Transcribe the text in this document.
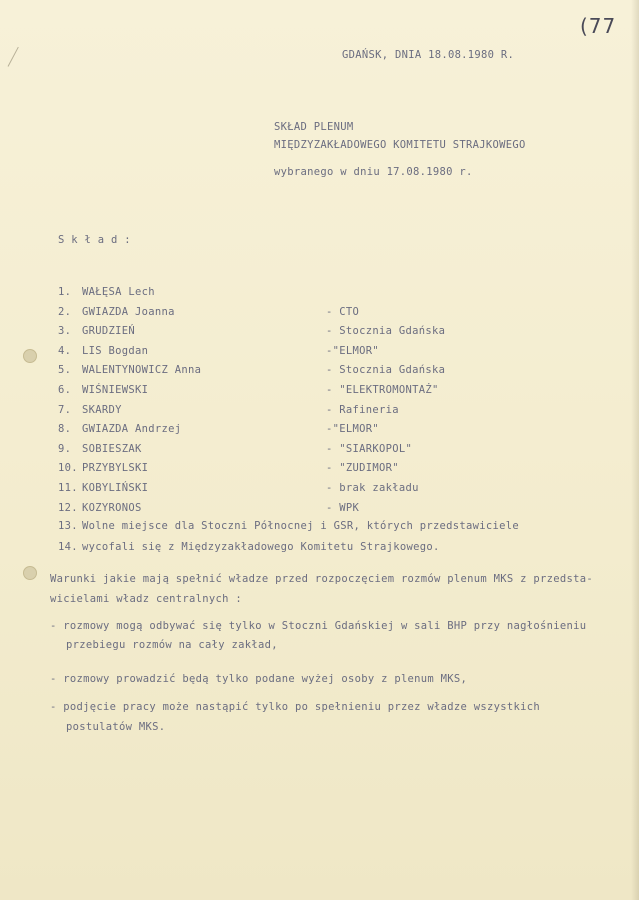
(77
GDAŃSK, DNIA 18.08.1980 R.
SKŁAD PLENUM
MIĘDZYZAKŁADOWEGO KOMITETU STRAJKOWEGO
wybranego w dniu 17.08.1980 r.
S k ł a d :
1. WAŁĘSA Lech
2. GWIAZDA Joanna	- CTO
3. GRUDZIEŃ	- Stocznia Gdańska
4. LIS Bogdan	-"ELMOR"
5. WALENTYNOWICZ Anna	- Stocznia Gdańska
6. WIŚNIEWSKI	- "ELEKTROMONTAŻ"
7. SKARDY	- Rafineria
8. GWIAZDA Andrzej	-"ELMOR"
9. SOBIESZAK	- "SIARKOPOL"
10. PRZYBYLSKI	- "ZUDIMOR"
11. KOBYLIŃSKI	- brak zakładu
12. KOZYRONOS	- WPK
13. Wolne miejsce dla Stoczni Północnej i GSR, których przedstawiciele
14. wycofali się z Międzyzakładowego Komitetu Strajkowego.
Warunki jakie mają spełnić władze przed rozpoczęciem rozmów plenum MKS z przedsta-
wicielami władz centralnych :
- rozmowy mogą odbywać się tylko w Stoczni Gdańskiej w sali BHP przy nagłośnieniu
przebiegu rozmów na cały zakład,
- rozmowy prowadzić będą tylko podane wyżej osoby z plenum MKS,
- podjęcie pracy może nastąpić tylko po spełnieniu przez władze wszystkich
postulatów MKS.
